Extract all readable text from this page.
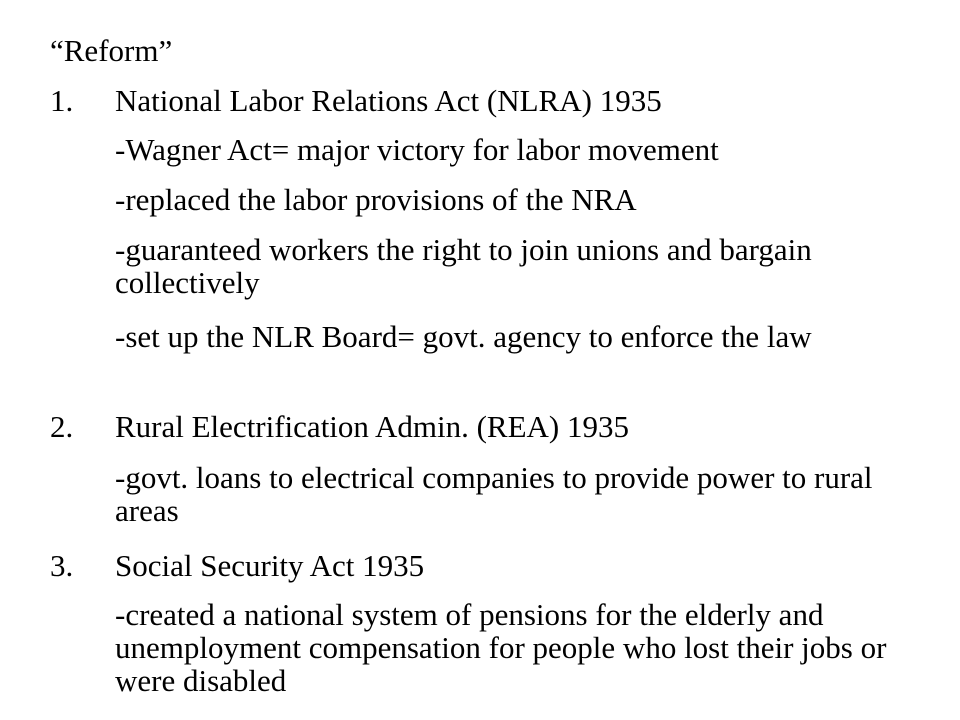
“Reform”
1. National Labor Relations Act (NLRA) 1935
-Wagner Act= major victory for labor movement
-replaced the labor provisions of the NRA
-guaranteed workers the right to join unions and bargain collectively
-set up the NLR Board= govt. agency to enforce the law
2. Rural Electrification Admin. (REA) 1935
-govt. loans to electrical companies to provide power to rural areas
3. Social Security Act 1935
-created a national system of pensions for the elderly and unemployment compensation for people who lost their jobs or were disabled
